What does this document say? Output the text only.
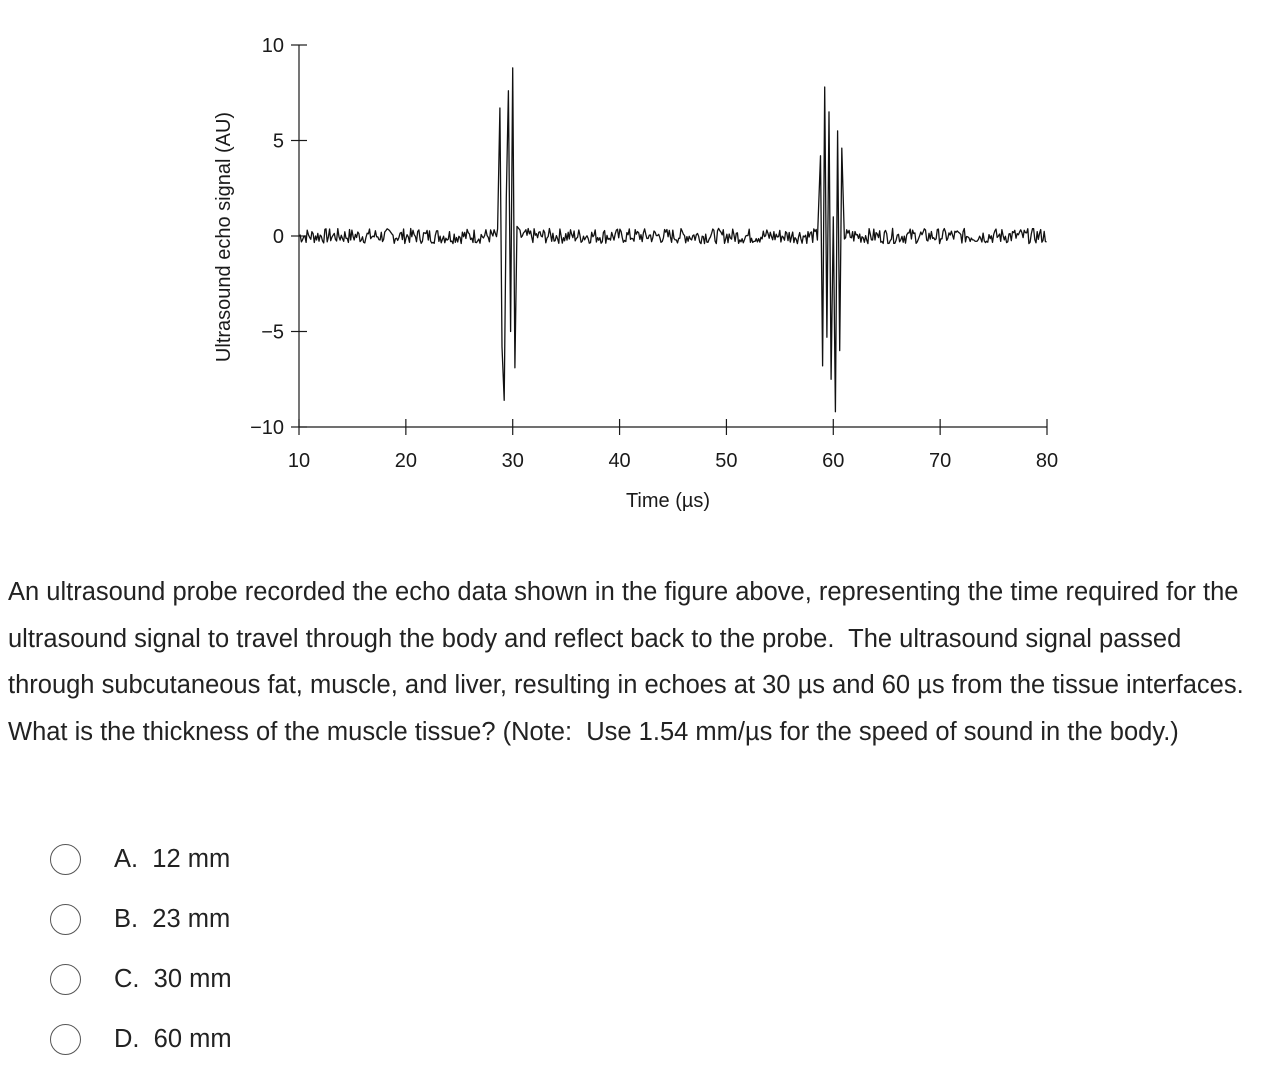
10
5
0
−5
−10
10	20	30	40	50	60	70	80
Time (µs)
Ultrasound echo signal (AU)

An ultrasound probe recorded the echo data shown in the figure above, representing the time required for the ultrasound signal to travel through the body and reflect back to the probe.  The ultrasound signal passed through subcutaneous fat, muscle, and liver, resulting in echoes at 30 µs and 60 µs from the tissue interfaces.  What is the thickness of the muscle tissue? (Note:  Use 1.54 mm/µs for the speed of sound in the body.)

A. 12 mm
B. 23 mm
C. 30 mm
D. 60 mm
